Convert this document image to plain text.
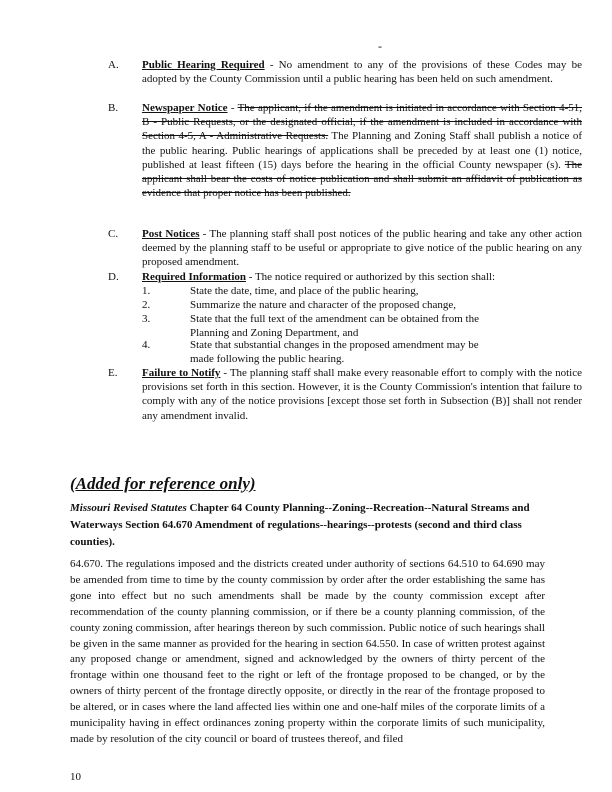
-
A.	Public Hearing Required - No amendment to any of the provisions of these Codes may be adopted by the County Commission until a public hearing has been held on such amendment.
B.	Newspaper Notice - The applicant, if the amendment is initiated in accordance with Section 4-51, B - Public Requests, or the designated official, if the amendment is included in accordance with Section 4-5, A - Administrative Requests. The Planning and Zoning Staff shall publish a notice of the public hearing. Public hearings of applications shall be preceded by at least one (1) notice, published at least fifteen (15) days before the hearing in the official County newspaper (s). The applicant shall bear the costs of notice publication and shall submit an affidavit of publication as evidence that proper notice has been published.
C.	Post Notices - The planning staff shall post notices of the public hearing and take any other action deemed by the planning staff to be useful or appropriate to give notice of the public hearing on any proposed amendment.
D.	Required Information - The notice required or authorized by this section shall:
1.	State the date, time, and place of the public hearing,
2.	Summarize the nature and character of the proposed change,
3.	State that the full text of the amendment can be obtained from the Planning and Zoning Department, and
4.	State that substantial changes in the proposed amendment may be made following the public hearing.
E.	Failure to Notify - The planning staff shall make every reasonable effort to comply with the notice provisions set forth in this section. However, it is the County Commission's intention that failure to comply with any of the notice provisions [except those set forth in Subsection (B)] shall not render any amendment invalid.
(Added for reference only)
Missouri Revised Statutes Chapter 64 County Planning--Zoning--Recreation--Natural Streams and Waterways Section 64.670 Amendment of regulations--hearings--protests (second and third class counties).
64.670. The regulations imposed and the districts created under authority of sections 64.510 to 64.690 may be amended from time to time by the county commission by order after the order establishing the same has gone into effect but no such amendments shall be made by the county commission except after recommendation of the county planning commission, or if there be a county planning commission, of the county zoning commission, after hearings thereon by such commission. Public notice of such hearings shall be given in the same manner as provided for the hearing in section 64.550. In case of written protest against any proposed change or amendment, signed and acknowledged by the owners of thirty percent of the frontage within one thousand feet to the right or left of the frontage proposed to be changed, or by the owners of thirty percent of the frontage directly opposite, or directly in the rear of the frontage proposed to be altered, or in cases where the land affected lies within one and one-half miles of the corporate limits of a municipality having in effect ordinances zoning property within the corporate limits of such municipality, made by resolution of the city council or board of trustees thereof, and filed
10
